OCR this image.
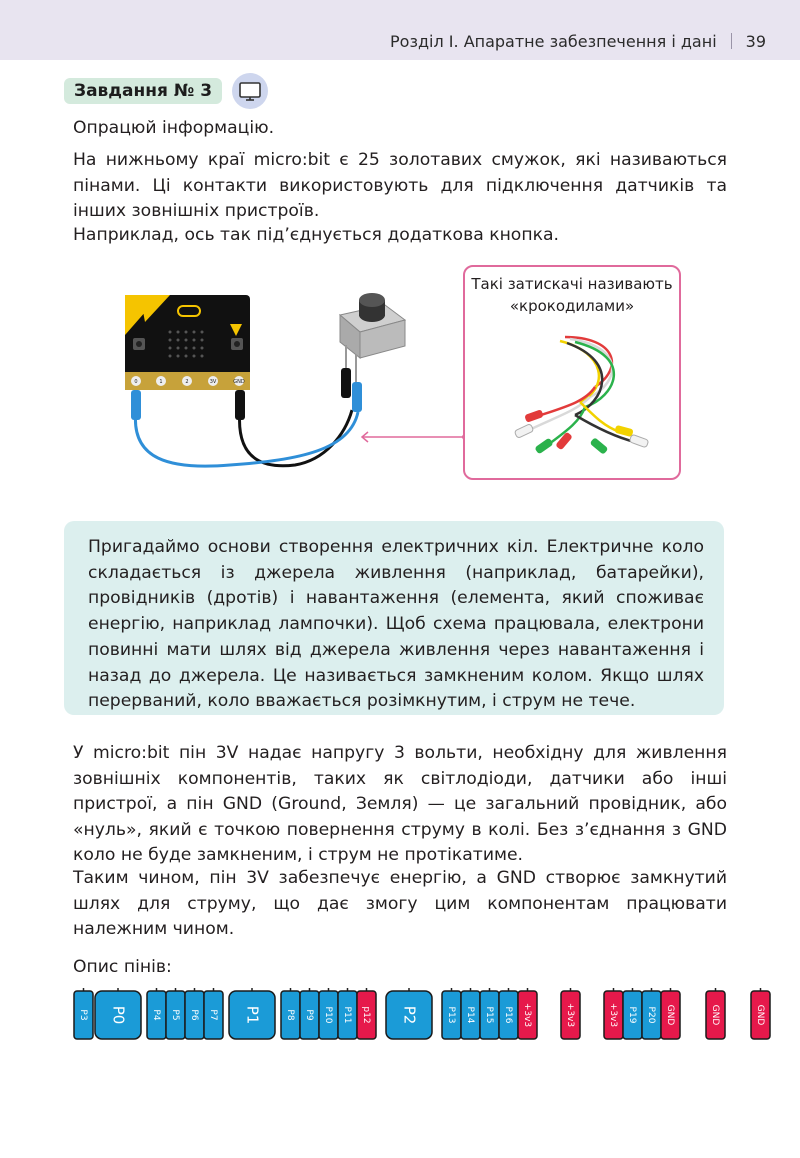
Розділ І. Апаратне забезпечення і дані 39
Завдання № 3

Опрацюй інформацію.

На нижньому краї micro:bit є 25 золотавих смужок, які називаються пінами. Ці контакти використовують для підключення датчиків та інших зовнішніх пристроїв.

Наприклад, ось так під’єднується додаткова кнопка.

0	1	2	3V	GND
Такі затискачі називають «крокодилами»

Пригадаймо основи створення електричних кіл. Електричне коло складається із джерела живлення (наприклад, батарейки), провідників (дротів) і навантаження (елемента, який споживає енергію, наприклад лампочки). Щоб схема працювала, електрони повинні мати шлях від джерела живлення через навантаження і назад до джерела. Це називається замкненим колом. Якщо шлях перерваний, коло вважається розімкнутим, і струм не тече.

У micro:bit пін 3V надає напругу 3 вольти, необхідну для живлення зовнішніх компонентів, таких як світлодіоди, датчики або інші пристрої, а пін GND (Ground, Земля) — це загальний провідник, або «нуль», який є точкою повернення струму в колі. Без з’єднання з GND коло не буде замкненим, і струм не протікатиме.

Таким чином, пін 3V забезпечує енергію, а GND створює замкнутий шлях для струму, що дає змогу цим компонентам працювати належним чином.

Опис пінів:

P3 P0	P4 P5 P6 P7 P1	P8 P9 P10 P11 p12 P2	P13 P14 P15 P16 +3v3	+3v3	+3v3 P19 P20 GND	GND	GND
